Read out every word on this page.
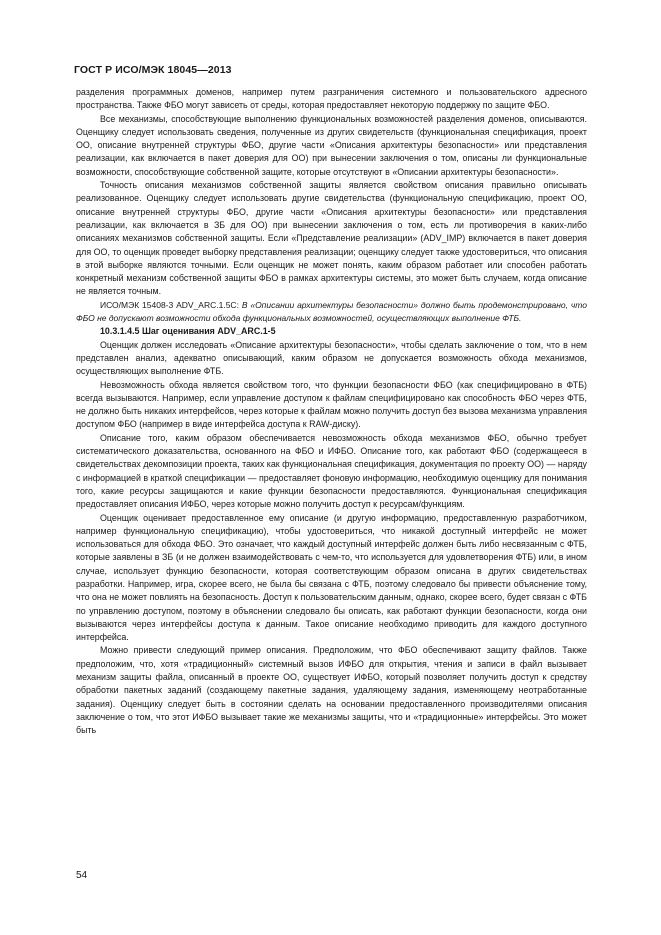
ГОСТ Р ИСО/МЭК 18045—2013

разделения программных доменов, например путем разграничения системного и пользовательского адресного пространства. Также ФБО могут зависеть от среды, которая предоставляет некоторую поддержку по защите ФБО.

Все механизмы, способствующие выполнению функциональных возможностей разделения доменов, описываются. Оценщику следует использовать сведения, полученные из других свидетельств (функциональная спецификация, проект ОО, описание внутренней структуры ФБО, другие части «Описания архитектуры безопасности» или представления реализации, как включается в пакет доверия для ОО) при вынесении заключения о том, описаны ли функциональные возможности, способствующие собственной защите, которые отсутствуют в «Описании архитектуры безопасности».

Точность описания механизмов собственной защиты является свойством описания правильно описывать реализованное. Оценщику следует использовать другие свидетельства (функциональную спецификацию, проект ОО, описание внутренней структуры ФБО, другие части «Описания архитектуры безопасности» или представления реализации, как включается в ЗБ для ОО) при вынесении заключения о том, есть ли противоречия в каких-либо описаниях механизмов собственной защиты. Если «Представление реализации» (ADV_IMP) включается в пакет доверия для ОО, то оценщик проведет выборку представления реализации; оценщику следует также удостовериться, что описания в этой выборке являются точными. Если оценщик не может понять, каким образом работает или способен работать конкретный механизм собственной защиты ФБО в рамках архитектуры системы, это может быть случаем, когда описание не является точным.

ИСО/МЭК 15408-3 ADV_ARC.1.5C: В «Описании архитектуры безопасности» должно быть продемонстрировано, что ФБО не допускают возможности обхода функциональных возможностей, осуществляющих выполнение ФТБ.

10.3.1.4.5 Шаг оценивания ADV_ARC.1-5

Оценщик должен исследовать «Описание архитектуры безопасности», чтобы сделать заключение о том, что в нем представлен анализ, адекватно описывающий, каким образом не допускается возможность обхода механизмов, осуществляющих выполнение ФТБ.

Невозможность обхода является свойством того, что функции безопасности ФБО (как специфицировано в ФТБ) всегда вызываются. Например, если управление доступом к файлам специфицировано как способность ФБО через ФТБ, не должно быть никаких интерфейсов, через которые к файлам можно получить доступ без вызова механизма управления доступом ФБО (например в виде интерфейса доступа к RAW-диску).

Описание того, каким образом обеспечивается невозможность обхода механизмов ФБО, обычно требует систематического доказательства, основанного на ФБО и ИФБО. Описание того, как работают ФБО (содержащееся в свидетельствах декомпозиции проекта, таких как функциональная спецификация, документация по проекту ОО) — наряду с информацией в краткой спецификации — предоставляет фоновую информацию, необходимую оценщику для понимания того, какие ресурсы защищаются и какие функции безопасности предоставляются. Функциональная спецификация предоставляет описания ИФБО, через которые можно получить доступ к ресурсам/функциям.

Оценщик оценивает предоставленное ему описание (и другую информацию, предоставленную разработчиком, например функциональную спецификацию), чтобы удостовериться, что никакой доступный интерфейс не может использоваться для обхода ФБО. Это означает, что каждый доступный интерфейс должен быть либо несвязанным с ФТБ, которые заявлены в ЗБ (и не должен взаимодействовать с чем-то, что используется для удовлетворения ФТБ) или, в ином случае, использует функцию безопасности, которая соответствующим образом описана в других свидетельствах разработки. Например, игра, скорее всего, не была бы связана с ФТБ, поэтому следовало бы привести объяснение тому, что она не может повлиять на безопасность. Доступ к пользовательским данным, однако, скорее всего, будет связан с ФТБ по управлению доступом, поэтому в объяснении следовало бы описать, как работают функции безопасности, когда они вызываются через интерфейсы доступа к данным. Такое описание необходимо приводить для каждого доступного интерфейса.

Можно привести следующий пример описания. Предположим, что ФБО обеспечивают защиту файлов. Также предположим, что, хотя «традиционный» системный вызов ИФБО для открытия, чтения и записи в файл вызывает механизм защиты файла, описанный в проекте ОО, существует ИФБО, который позволяет получить доступ к средству обработки пакетных заданий (создающему пакетные задания, удаляющему задания, изменяющему неотработанные задания). Оценщику следует быть в состоянии сделать на основании предоставленного производителями описания заключение о том, что этот ИФБО вызывает такие же механизмы защиты, что и «традиционные» интерфейсы. Это может быть

54
